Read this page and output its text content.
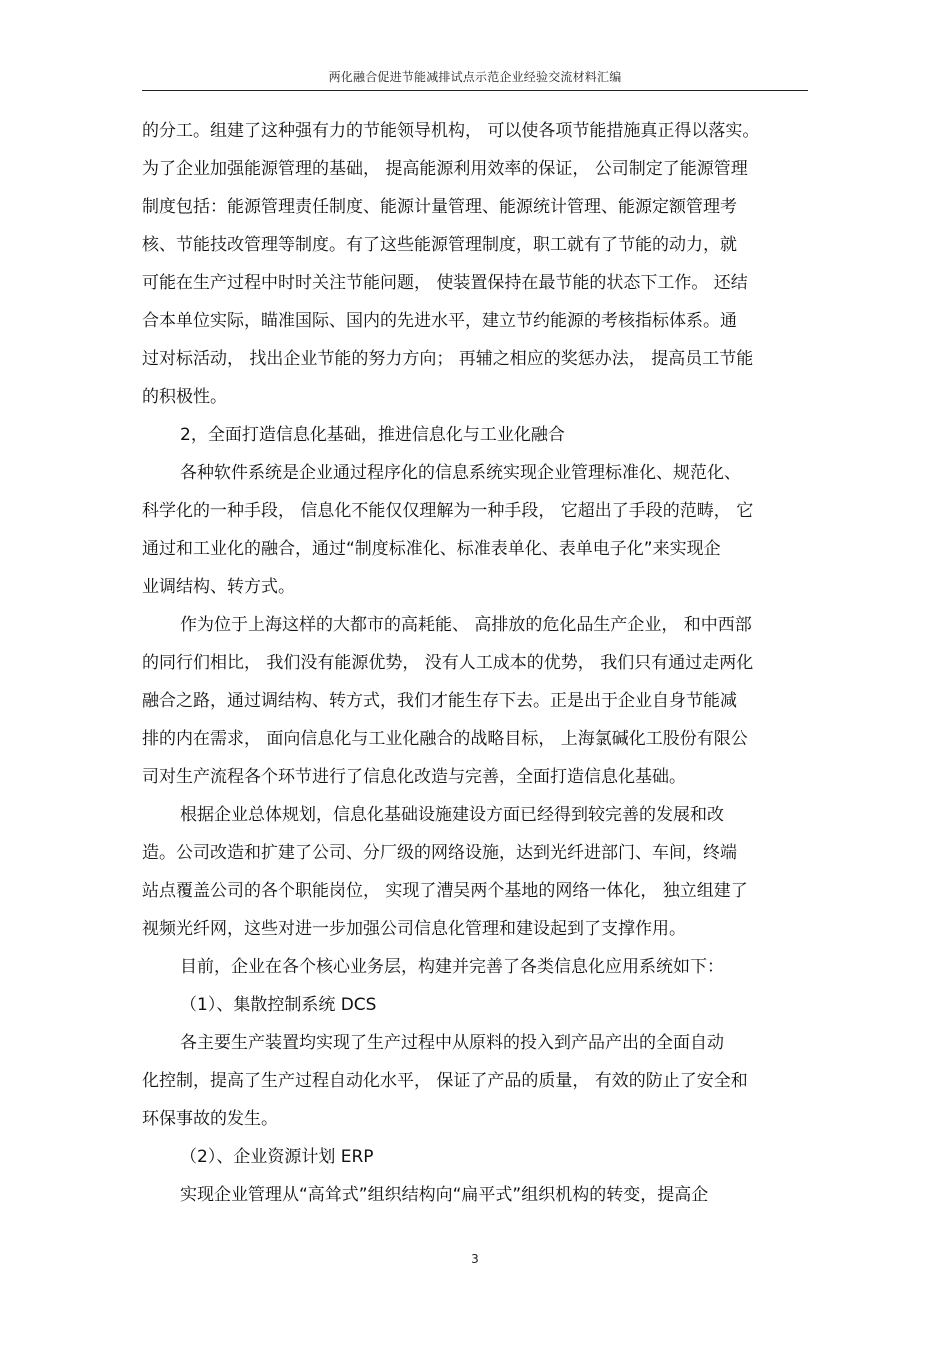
两化融合促进节能减排试点示范企业经验交流材料汇编
的分工。组建了这种强有力的节能领导机构， 可以使各项节能措施真正得以落实。
为了企业加强能源管理的基础， 提高能源利用效率的保证， 公司制定了能源管理
制度包括：能源管理责任制度、能源计量管理、能源统计管理、能源定额管理考
核、节能技改管理等制度。有了这些能源管理制度，职工就有了节能的动力，就
可能在生产过程中时时关注节能问题， 使装置保持在最节能的状态下工作。 还结
合本单位实际，瞄准国际、国内的先进水平，建立节约能源的考核指标体系。通
过对标活动， 找出企业节能的努力方向； 再辅之相应的奖惩办法， 提高员工节能
的积极性。
2，全面打造信息化基础，推进信息化与工业化融合
各种软件系统是企业通过程序化的信息系统实现企业管理标准化、规范化、
科学化的一种手段， 信息化不能仅仅理解为一种手段， 它超出了手段的范畴， 它
通过和工业化的融合，通过“制度标准化、标准表单化、表单电子化”来实现企
业调结构、转方式。
作为位于上海这样的大都市的高耗能、 高排放的危化品生产企业， 和中西部
的同行们相比， 我们没有能源优势， 没有人工成本的优势， 我们只有通过走两化
融合之路，通过调结构、转方式，我们才能生存下去。正是出于企业自身节能减
排的内在需求， 面向信息化与工业化融合的战略目标， 上海氯碱化工股份有限公
司对生产流程各个环节进行了信息化改造与完善，全面打造信息化基础。
根据企业总体规划，信息化基础设施建设方面已经得到较完善的发展和改
造。公司改造和扩建了公司、分厂级的网络设施，达到光纤进部门、车间，终端
站点覆盖公司的各个职能岗位， 实现了漕吴两个基地的网络一体化， 独立组建了
视频光纤网，这些对进一步加强公司信息化管理和建设起到了支撑作用。
目前，企业在各个核心业务层，构建并完善了各类信息化应用系统如下：
（1）、集散控制系统 DCS
各主要生产装置均实现了生产过程中从原料的投入到产品产出的全面自动
化控制，提高了生产过程自动化水平， 保证了产品的质量， 有效的防止了安全和
环保事故的发生。
（2）、企业资源计划 ERP
实现企业管理从“高耸式”组织结构向“扁平式”组织机构的转变，提高企
3
